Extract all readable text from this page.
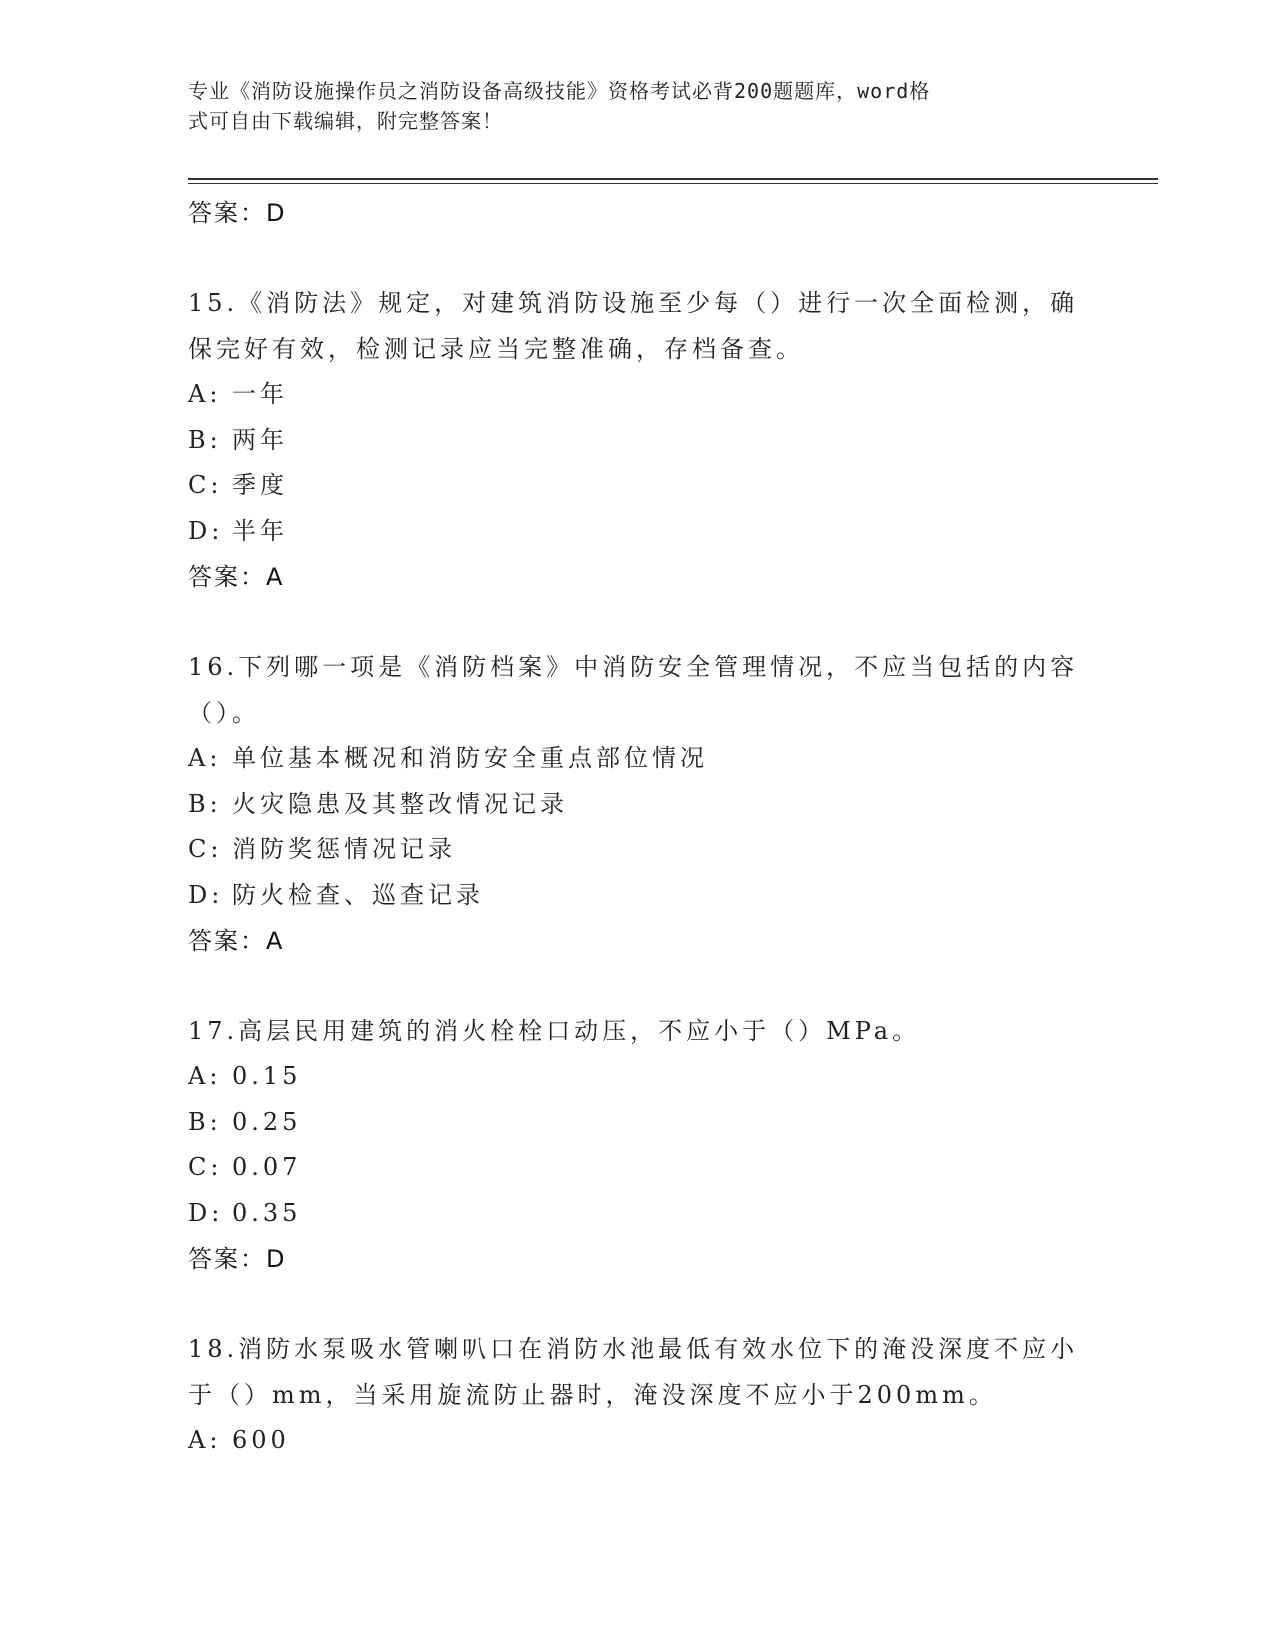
专业《消防设施操作员之消防设备高级技能》资格考试必背200题题库，word格
式可自由下载编辑，附完整答案！
答案：D
15.《消防法》规定，对建筑消防设施至少每（）进行一次全面检测，确保完好有效，检测记录应当完整准确，存档备查。
A: 一年
B: 两年
C: 季度
D: 半年
答案：A
16.下列哪一项是《消防档案》中消防安全管理情况，不应当包括的内容（）。
A: 单位基本概况和消防安全重点部位情况
B: 火灾隐患及其整改情况记录
C: 消防奖惩情况记录
D: 防火检查、巡查记录
答案：A
17.高层民用建筑的消火栓栓口动压，不应小于（）MPa。
A: 0.15
B: 0.25
C: 0.07
D: 0.35
答案：D
18.消防水泵吸水管喇叭口在消防水池最低有效水位下的淹没深度不应小于（）mm，当采用旋流防止器时，淹没深度不应小于200mm。
A: 600
